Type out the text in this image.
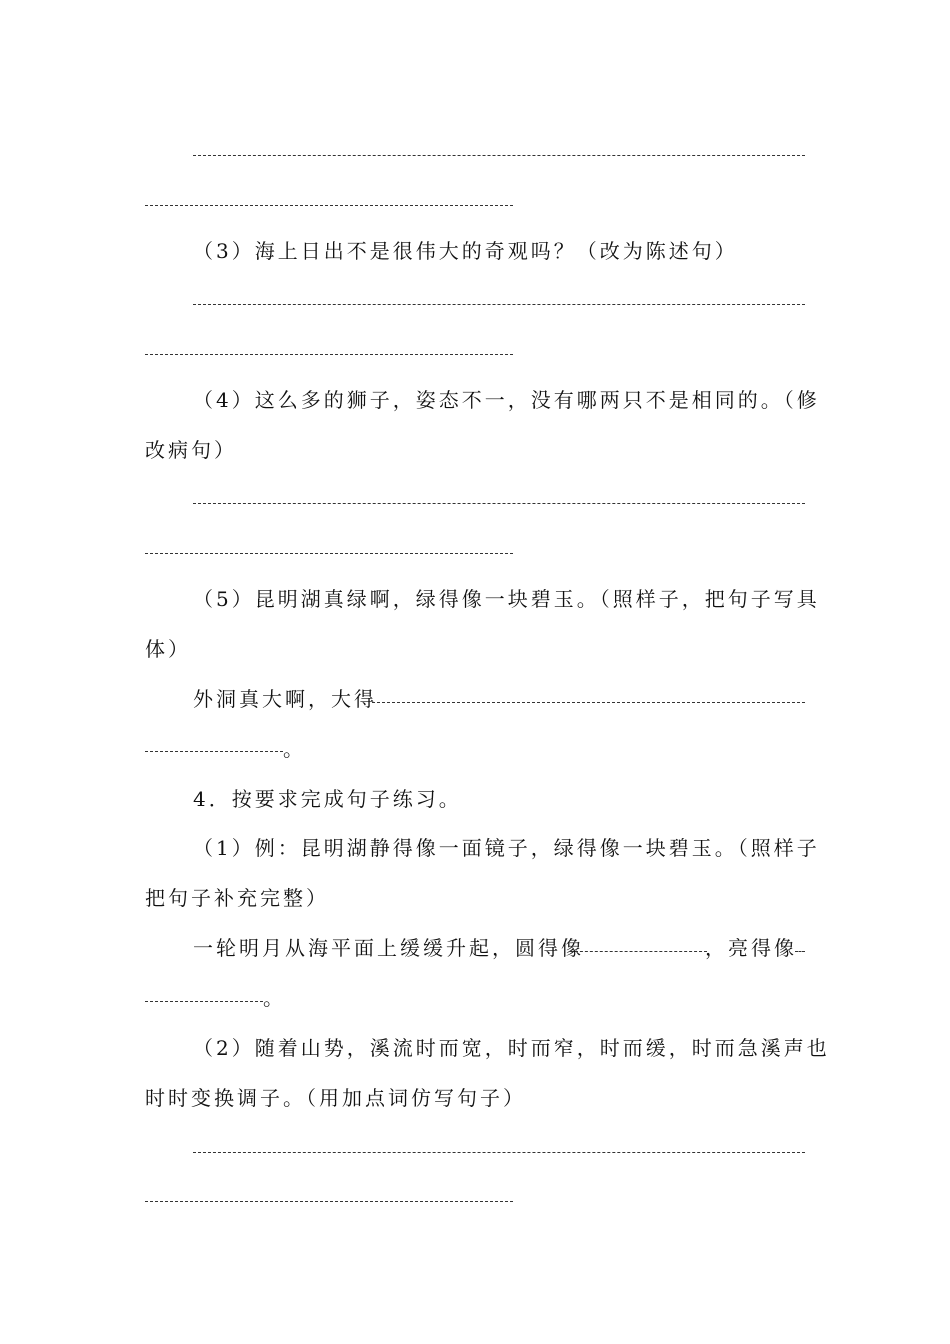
（3）海上日出不是很伟大的奇观吗？（改为陈述句）
（4）这么多的狮子，姿态不一，没有哪两只不是相同的。（修
改病句）
（5）昆明湖真绿啊，绿得像一块碧玉。（照样子，把句子写具
体）
外洞真大啊，大得
。
4．按要求完成句子练习。
（1）例：昆明湖静得像一面镜子，绿得像一块碧玉。（照样子
把句子补充完整）
一轮明月从海平面上缓缓升起，圆得像	，亮得像
。
（2）随着山势，溪流时而宽，时而窄，时而缓，时而急溪声也
时时变换调子。（用加点词仿写句子）
